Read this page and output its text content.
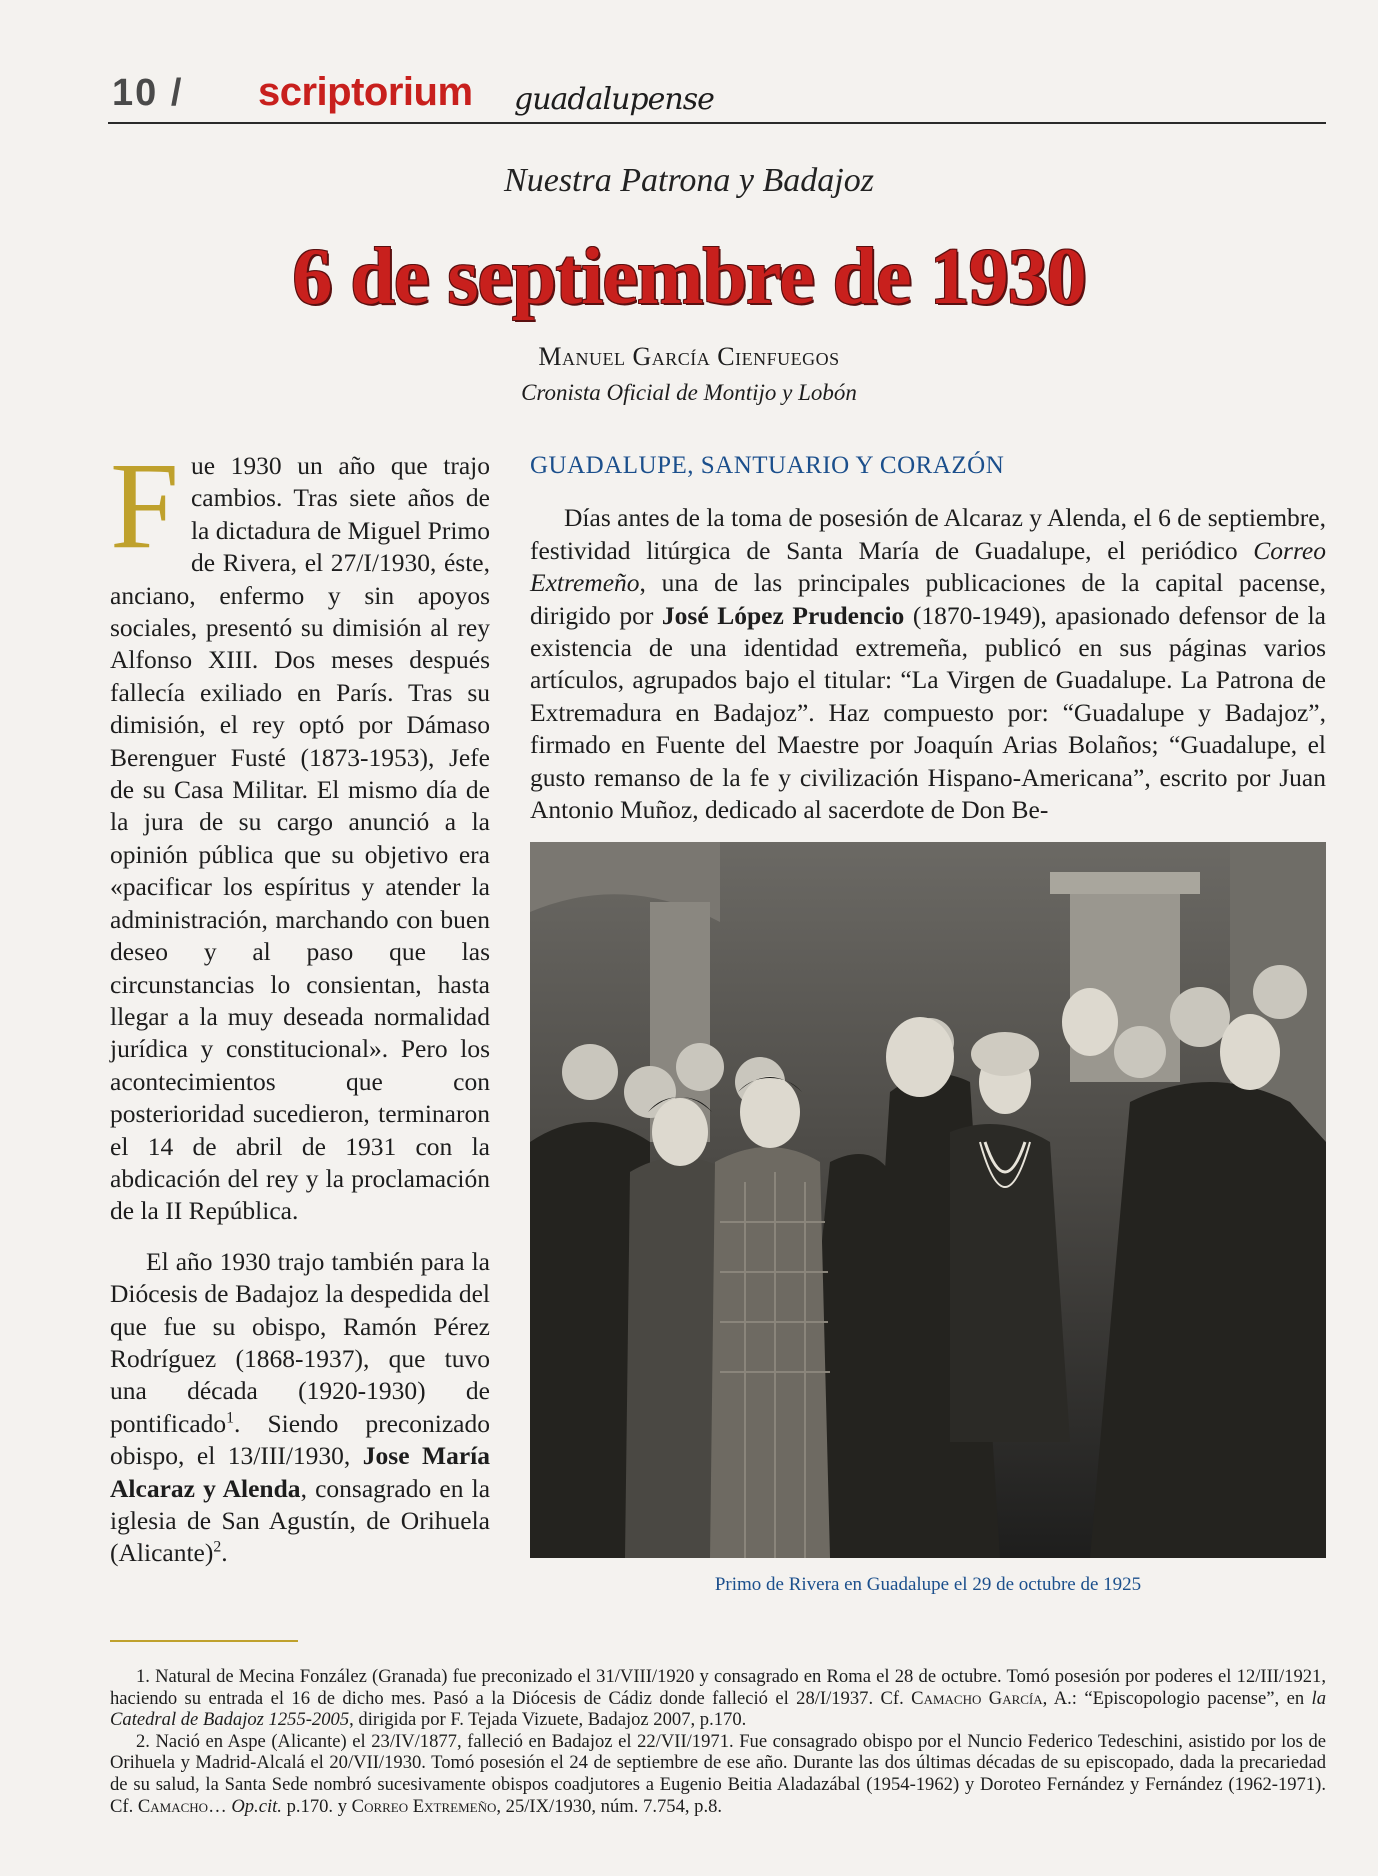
10 / scriptorium guadalupense
Nuestra Patrona y Badajoz
6 de septiembre de 1930
Manuel García Cienfuegos
Cronista Oficial de Montijo y Lobón

Fue 1930 un año que trajo cambios. Tras siete años de la dictadura de Miguel Primo de Rivera, el 27/I/1930, éste, anciano, enfermo y sin apoyos sociales, presentó su dimisión al rey Alfonso XIII. Dos meses después fallecía exiliado en París. Tras su dimisión, el rey optó por Dámaso Berenguer Fusté (1873-1953), Jefe de su Casa Militar. El mismo día de la jura de su cargo anunció a la opinión pública que su objetivo era «pacificar los espíritus y atender la administración, marchando con buen deseo y al paso que las circunstancias lo consientan, hasta llegar a la muy deseada normalidad jurídica y constitucional». Pero los acontecimientos que con posterioridad sucedieron, terminaron el 14 de abril de 1931 con la abdicación del rey y la proclamación de la II República.

El año 1930 trajo también para la Diócesis de Badajoz la despedida del que fue su obispo, Ramón Pérez Rodríguez (1868-1937), que tuvo una década (1920-1930) de pontificado$^1$. Siendo preconizado obispo, el 13/III/1930, Jose María Alcaraz y Alenda, consagrado en la iglesia de San Agustín, de Orihuela (Alicante)$^2$.

GUADALUPE, SANTUARIO Y CORAZÓN

Días antes de la toma de posesión de Alcaraz y Alenda, el 6 de septiembre, festividad litúrgica de Santa María de Guadalupe, el periódico Correo Extremeño, una de las principales publicaciones de la capital pacense, dirigido por José López Prudencio (1870-1949), apasionado defensor de la existencia de una identidad extremeña, publicó en sus páginas varios artículos, agrupados bajo el titular: “La Virgen de Guadalupe. La Patrona de Extremadura en Badajoz”. Haz compuesto por: “Guadalupe y Badajoz”, firmado en Fuente del Maestre por Joaquín Arias Bolaños; “Guadalupe, el gusto remanso de la fe y civilización Hispano-Americana”, escrito por Juan Antonio Muñoz, dedicado al sacerdote de Don Be-

Primo de Rivera en Guadalupe el 29 de octubre de 1925

1. Natural de Mecina Fonzález (Granada) fue preconizado el 31/VIII/1920 y consagrado en Roma el 28 de octubre. Tomó posesión por poderes el 12/III/1921, haciendo su entrada el 16 de dicho mes. Pasó a la Diócesis de Cádiz donde falleció el 28/I/1937. Cf. Camacho García, A.: “Episcopologio pacense”, en la Catedral de Badajoz 1255-2005, dirigida por F. Tejada Vizuete, Badajoz 2007, p.170.

2. Nació en Aspe (Alicante) el 23/IV/1877, falleció en Badajoz el 22/VII/1971. Fue consagrado obispo por el Nuncio Federico Tedeschini, asistido por los de Orihuela y Madrid-Alcalá el 20/VII/1930. Tomó posesión el 24 de septiembre de ese año. Durante las dos últimas décadas de su episcopado, dada la precariedad de su salud, la Santa Sede nombró sucesivamente obispos coadjutores a Eugenio Beitia Aladazábal (1954-1962) y Doroteo Fernández y Fernández (1962-1971). Cf. Camacho… Op.cit. p.170. y Correo Extremeño, 25/IX/1930, núm. 7.754, p.8.
